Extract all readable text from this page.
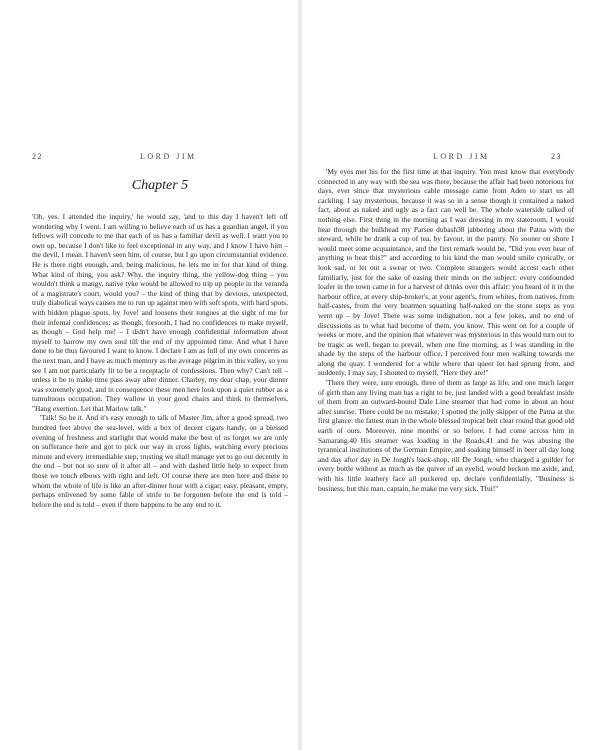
22	LORD JIM
Chapter 5

'Oh, yes. I attended the inquiry,' he would say, 'and to this day I haven't left off wondering why I went. I am willing to believe each of us has a guardian angel, if you fellows will concede to me that each of us has a familiar devil as well. I want you to own up, because I don't like to feel exceptional in any way, and I know I have him – the devil, I mean. I haven't seen him, of course, but I go upon circumstantial evidence. He is there right enough, and, being malicious, he lets me in for that kind of thing. What kind of thing, you ask? Why, the inquiry thing, the yellow-dog thing – you wouldn't think a mangy, native tyke would be allowed to trip up people in the veranda of a magistrate's court, would you? – the kind of thing that by devious, unexpected, truly diabolical ways causes me to run up against men with soft spots, with hard spots, with hidden plague spots, by Jove! and loosens their tongues at the sight of me for their infernal confidences; as though, forsooth, I had no confidences to make myself, as though – God help me! – I didn't have enough confidential information about myself to harrow my own soul till the end of my appointed time. And what I have done to be thus favoured I want to know. I declare I am as full of my own concerns as the next man, and I have as much memory as the average pilgrim in this valley, so you see I am not particularly fit to be a receptacle of confessions. Then why? Can't tell – unless it be to make time pass away after dinner. Charley, my dear chap, your dinner was extremely good, and in consequence these men here look upon a quiet rubber as a tumultuous occupation. They wallow in your good chairs and think to themselves, "Hang exertion. Let that Marlow talk."

'Talk! So be it. And it's easy enough to talk of Master Jim, after a good spread, two hundred feet above the sea-level, with a box of decent cigars handy, on a blessed evening of freshness and starlight that would make the best of us forget we are only on sufferance here and got to pick our way in cross lights, watching every precious minute and every irremediable step, trusting we shall manage yet to go out decently in the end – but not so sure of it after all – and with dashed little help to expect from those we touch elbows with right and left. Of course there are men here and there to whom the whole of life is like an after-dinner hour with a cigar; easy, pleasant, empty, perhaps enlivened by some fable of strife to be forgotten before the end is told – before the end is told – even if there happens to be any end to it.

LORD JIM	23

'My eyes met his for the first time at that inquiry. You must know that everybody connected in any way with the sea was there, because the affair had been notorious for days, ever since that mysterious cable message came from Aden to start us all cackling. I say mysterious, because it was so in a sense though it contained a naked fact, about as naked and ugly as a fact can well be. The whole waterside talked of nothing else. First thing in the morning as I was dressing in my stateroom, I would hear through the bulkhead my Parsee dubash38 jabbering about the Patna with the steward, while he drank a cup of tea, by favour, in the pantry. No sooner on shore I would meet some acquaintance, and the first remark would be, "Did you ever hear of anything to beat this?" and according to his kind the man would smile cynically, or look sad, or let out a swear or two. Complete strangers would accost each other familiarly, just for the sake of easing their minds on the subject: every confounded loafer in the town came in for a harvest of drinks over this affair: you heard of it in the harbour office, at every ship-broker's, at your agent's, from whites, from natives, from half-castes, from the very boatmen squatting half-naked on the stone steps as you went up – by Jove! There was some indignation, not a few jokes, and no end of discussions as to what had become of them, you know. This went on for a couple of weeks or more, and the opinion that whatever was mysterious in this would turn out to be tragic as well, began to prevail, when one fine morning, as I was standing in the shade by the steps of the harbour office, I perceived four men walking towards me along the quay. I wondered for a while where that queer lot had sprung from, and suddenly, I may say, I shouted to myself, "Here they are!"

'There they were, sure enough, three of them as large as life, and one much larger of girth than any living man has a right to be, just landed with a good breakfast inside of them from an outward-bound Dale Line steamer that had come in about an hour after sunrise. There could be no mistake; I spotted the jolly skipper of the Patna at the first glance: the fattest man in the whole blessed tropical belt clear round that good old earth of ours. Moreover, nine months or so before, I had come across him in Samarang.40 His steamer was loading in the Roads,41 and he was abusing the tyrannical institutions of the German Empire, and soaking himself in beer all day long and day after day in De Jongh's back-shop, till De Jongh, who charged a guilder for every bottle without as much as the quiver of an eyelid, would beckon me aside, and, with his little leathery face all puckered up, declare confidentially, "Business is business, but this man, captain, he make me very sick. Tfui!"
